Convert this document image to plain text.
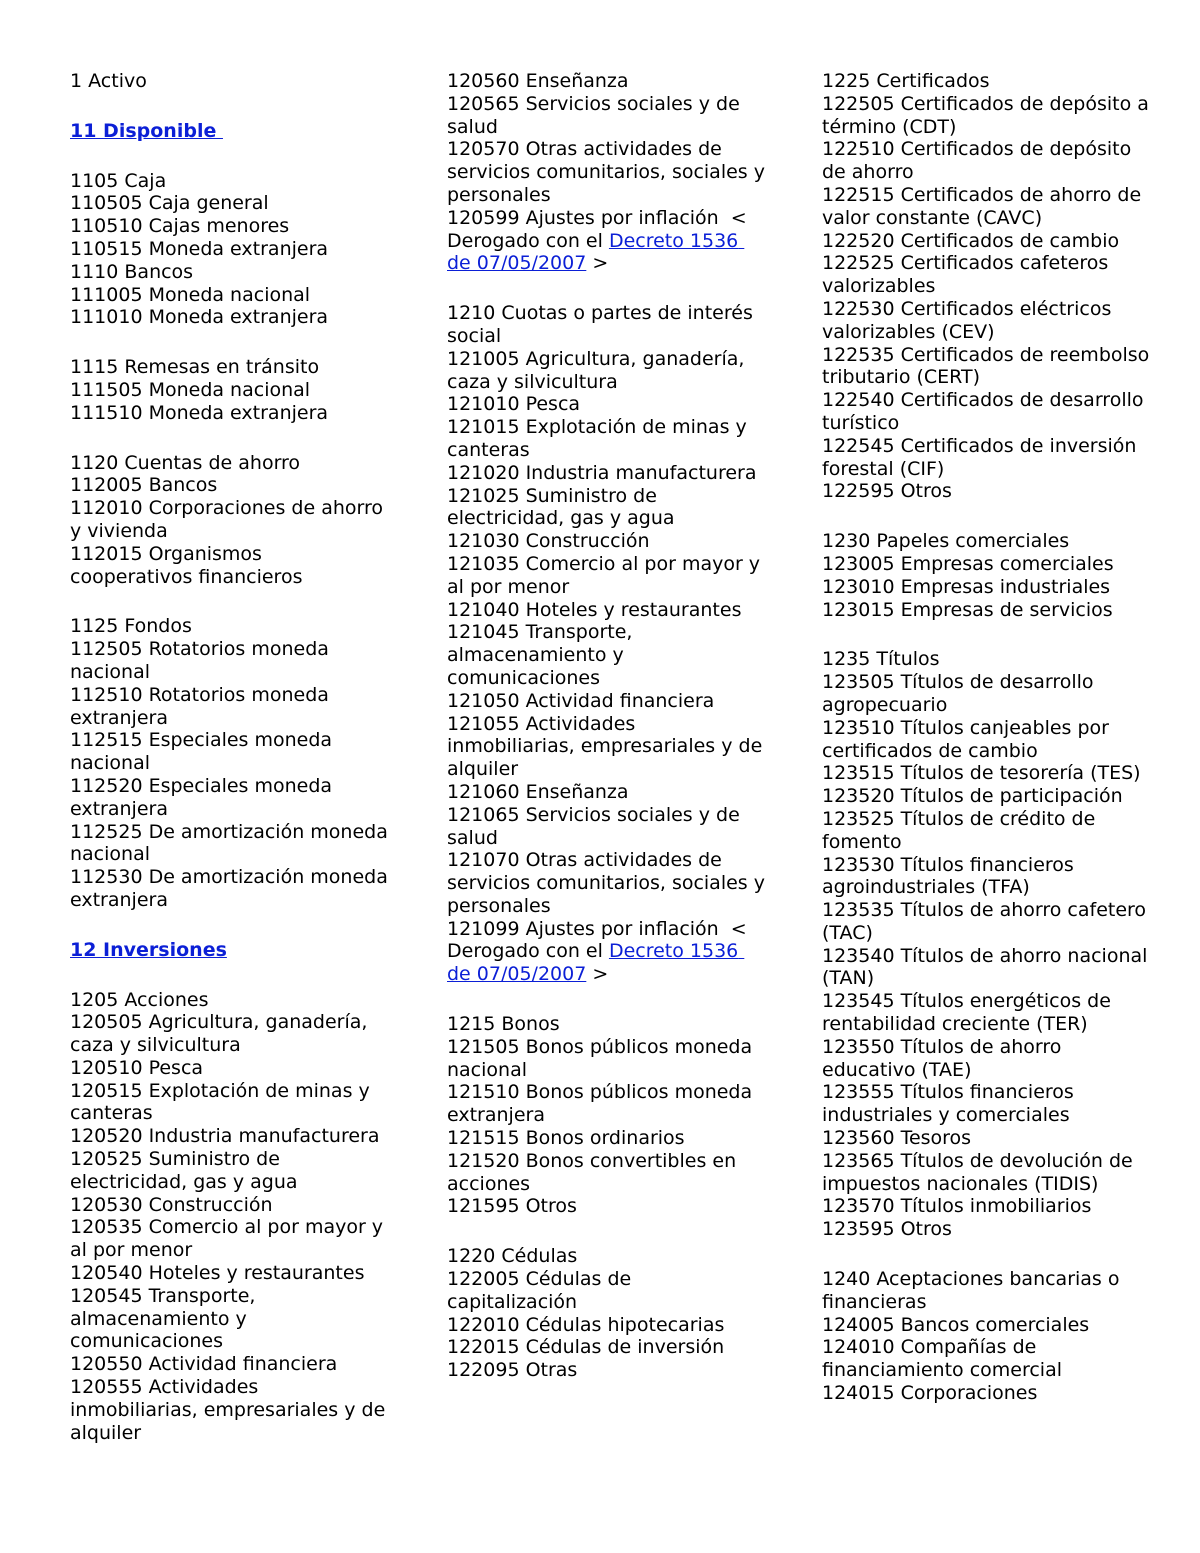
1 Activo
11 Disponible
1105 Caja
110505 Caja general
110510 Cajas menores
110515 Moneda extranjera
1110 Bancos
111005 Moneda nacional
111010 Moneda extranjera
1115 Remesas en tránsito
111505 Moneda nacional
111510 Moneda extranjera
1120 Cuentas de ahorro
112005 Bancos
112010 Corporaciones de ahorro y vivienda
112015 Organismos cooperativos financieros
1125 Fondos
112505 Rotatorios moneda nacional
112510 Rotatorios moneda extranjera
112515 Especiales moneda nacional
112520 Especiales moneda extranjera
112525 De amortización moneda nacional
112530 De amortización moneda extranjera
12 Inversiones
1205 Acciones
120505 Agricultura, ganadería, caza y silvicultura
120510 Pesca
120515 Explotación de minas y canteras
120520 Industria manufacturera
120525 Suministro de electricidad, gas y agua
120530 Construcción
120535 Comercio al por mayor y al por menor
120540 Hoteles y restaurantes
120545 Transporte, almacenamiento y comunicaciones
120550 Actividad financiera
120555 Actividades inmobiliarias, empresariales y de alquiler
120560 Enseñanza
120565 Servicios sociales y de salud
120570 Otras actividades de servicios comunitarios, sociales y personales
120599 Ajustes por inflación  < Derogado con el Decreto 1536 de 07/05/2007 >
1210 Cuotas o partes de interés social
121005 Agricultura, ganadería, caza y silvicultura
121010 Pesca
121015 Explotación de minas y canteras
121020 Industria manufacturera
121025 Suministro de electricidad, gas y agua
121030 Construcción
121035 Comercio al por mayor y al por menor
121040 Hoteles y restaurantes
121045 Transporte, almacenamiento y comunicaciones
121050 Actividad financiera
121055 Actividades inmobiliarias, empresariales y de alquiler
121060 Enseñanza
121065 Servicios sociales y de salud
121070 Otras actividades de servicios comunitarios, sociales y personales
121099 Ajustes por inflación  < Derogado con el Decreto 1536 de 07/05/2007 >
1215 Bonos
121505 Bonos públicos moneda nacional
121510 Bonos públicos moneda extranjera
121515 Bonos ordinarios
121520 Bonos convertibles en acciones
121595 Otros
1220 Cédulas
122005 Cédulas de capitalización
122010 Cédulas hipotecarias
122015 Cédulas de inversión
122095 Otras
1225 Certificados
122505 Certificados de depósito a término (CDT)
122510 Certificados de depósito de ahorro
122515 Certificados de ahorro de valor constante (CAVC)
122520 Certificados de cambio
122525 Certificados cafeteros valorizables
122530 Certificados eléctricos valorizables (CEV)
122535 Certificados de reembolso tributario (CERT)
122540 Certificados de desarrollo turístico
122545 Certificados de inversión forestal (CIF)
122595 Otros
1230 Papeles comerciales
123005 Empresas comerciales
123010 Empresas industriales
123015 Empresas de servicios
1235 Títulos
123505 Títulos de desarrollo agropecuario
123510 Títulos canjeables por certificados de cambio
123515 Títulos de tesorería (TES)
123520 Títulos de participación
123525 Títulos de crédito de fomento
123530 Títulos financieros agroindustriales (TFA)
123535 Títulos de ahorro cafetero (TAC)
123540 Títulos de ahorro nacional (TAN)
123545 Títulos energéticos de rentabilidad creciente (TER)
123550 Títulos de ahorro educativo (TAE)
123555 Títulos financieros industriales y comerciales
123560 Tesoros
123565 Títulos de devolución de impuestos nacionales (TIDIS)
123570 Títulos inmobiliarios
123595 Otros
1240 Aceptaciones bancarias o financieras
124005 Bancos comerciales
124010 Compañías de financiamiento comercial
124015 Corporaciones
